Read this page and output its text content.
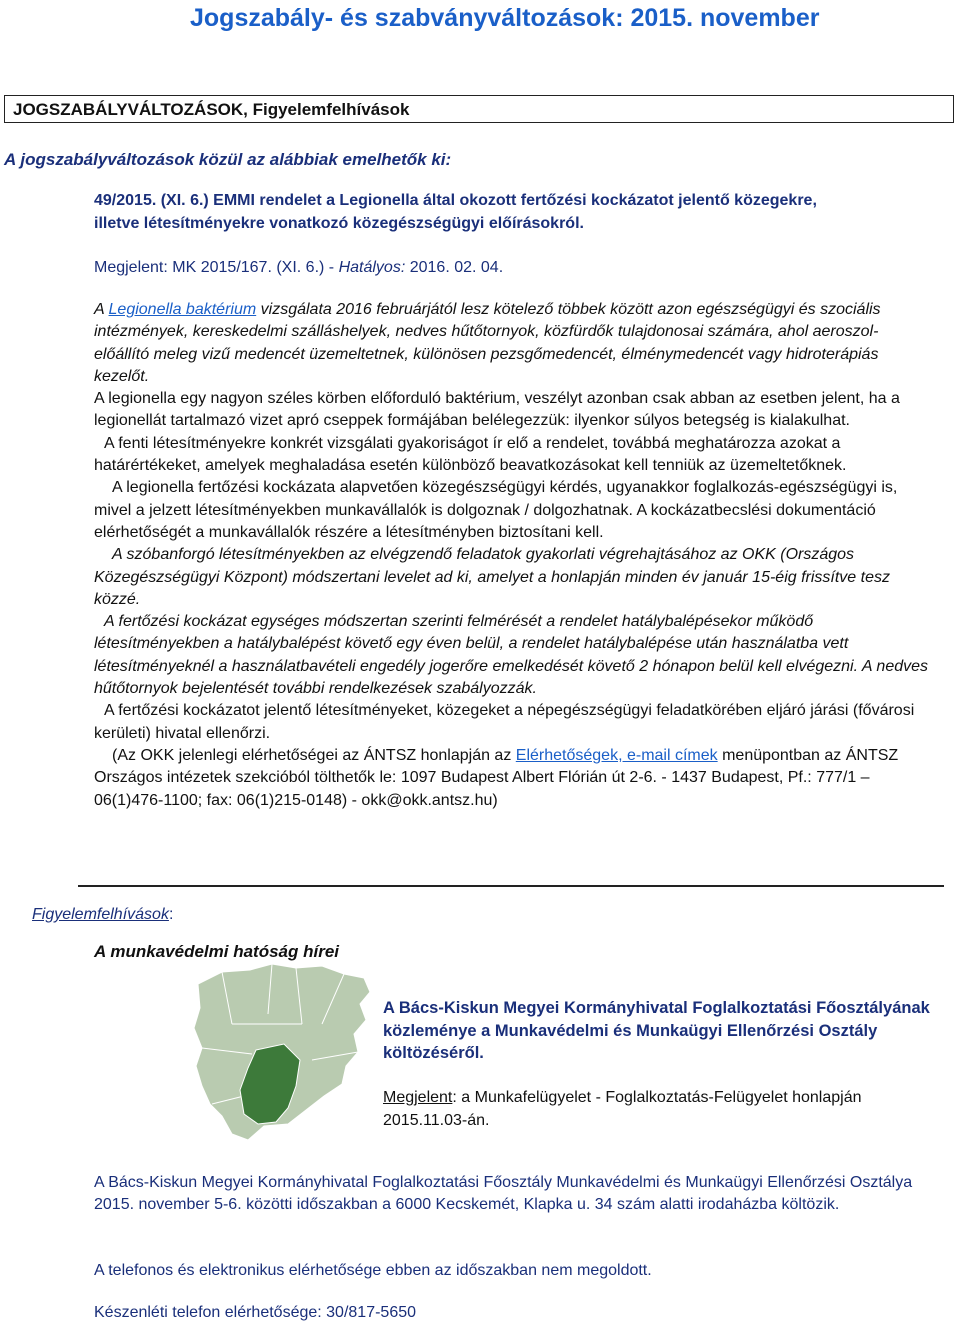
Jogszabály- és szabványváltozások: 2015. november
JOGSZABÁLYVÁLTOZÁSOK, Figyelemfelhívások
A jogszabályváltozások közül az alábbiak emelhetők ki:
49/2015. (XI. 6.) EMMI rendelet a Legionella által okozott fertőzési kockázatot jelentő közegekre,
illetve létesítményekre vonatkozó közegészségügyi előírásokról.
Megjelent: MK 2015/167. (XI. 6.) - Hatályos: 2016. 02. 04.

A Legionella baktérium vizsgálata 2016 februárjától lesz kötelező többek között azon egészségügyi és szociális intézmények, kereskedelmi szálláshelyek, nedves hűtőtornyok, közfürdők tulajdonosai számára, ahol aeroszol-előállító meleg vizű medencét üzemeltetnek, különösen pezsgőmedencét, élménymedencét vagy hidroterápiás kezelőt.

A legionella egy nagyon széles körben előforduló baktérium, veszélyt azonban csak abban az esetben jelent, ha a legionellát tartalmazó vizet apró cseppek formájában belélegezzük: ilyenkor súlyos betegség is kialakulhat.

A fenti létesítményekre konkrét vizsgálati gyakoriságot ír elő a rendelet, továbbá meghatározza azokat a határértékeket, amelyek meghaladása esetén különböző beavatkozásokat kell tenniük az üzemeltetőknek.

A legionella fertőzési kockázata alapvetően közegészségügyi kérdés, ugyanakkor foglalkozás-egészségügyi is, mivel a jelzett létesítményekben munkavállalók is dolgoznak / dolgozhatnak. A kockázatbecslési dokumentáció elérhetőségét a munkavállalók részére a létesítményben biztosítani kell.

A szóbanforgó létesítményekben az elvégzendő feladatok gyakorlati végrehajtásához az OKK (Országos Közegészségügyi Központ) módszertani levelet ad ki, amelyet a honlapján minden év január 15-éig frissítve tesz közzé.

A fertőzési kockázat egységes módszertan szerinti felmérését a rendelet hatálybalépésekor működő létesítményekben a hatálybalépést követő egy éven belül, a rendelet hatálybalépése után használatba vett létesítményeknél a használatbavételi engedély jogerőre emelkedését követő 2 hónapon belül kell elvégezni. A nedves hűtőtornyok bejelentését további rendelkezések szabályozzák.

A fertőzési kockázatot jelentő létesítményeket, közegeket a népegészségügyi feladatkörében eljáró járási (fővárosi kerületi) hivatal ellenőrzi.

(Az OKK jelenlegi elérhetőségei az ÁNTSZ honlapján az Elérhetőségek, e-mail címek menüpontban az ÁNTSZ Országos intézetek szekcióból tölthetők le: 1097 Budapest Albert Flórián út 2-6. - 1437 Budapest, Pf.: 777/1 – 06(1)476-1100; fax: 06(1)215-0148) - okk@okk.antsz.hu)

Figyelemfelhívások:
A munkavédelmi hatóság hírei
A Bács-Kiskun Megyei Kormányhivatal Foglalkoztatási Főosztályának közleménye a Munkavédelmi és Munkaügyi Ellenőrzési Osztály költözéséről.
Megjelent: a Munkafelügyelet - Foglalkoztatás-Felügyelet honlapján 2015.11.03-án.
A Bács-Kiskun Megyei Kormányhivatal Foglalkoztatási Főosztály Munkavédelmi és Munkaügyi Ellenőrzési Osztálya 2015. november 5-6. közötti időszakban a 6000 Kecskemét, Klapka u. 34 szám alatti irodaházba költözik.
A telefonos és elektronikus elérhetősége ebben az időszakban nem megoldott.
Készenléti telefon elérhetősége: 30/817-5650
